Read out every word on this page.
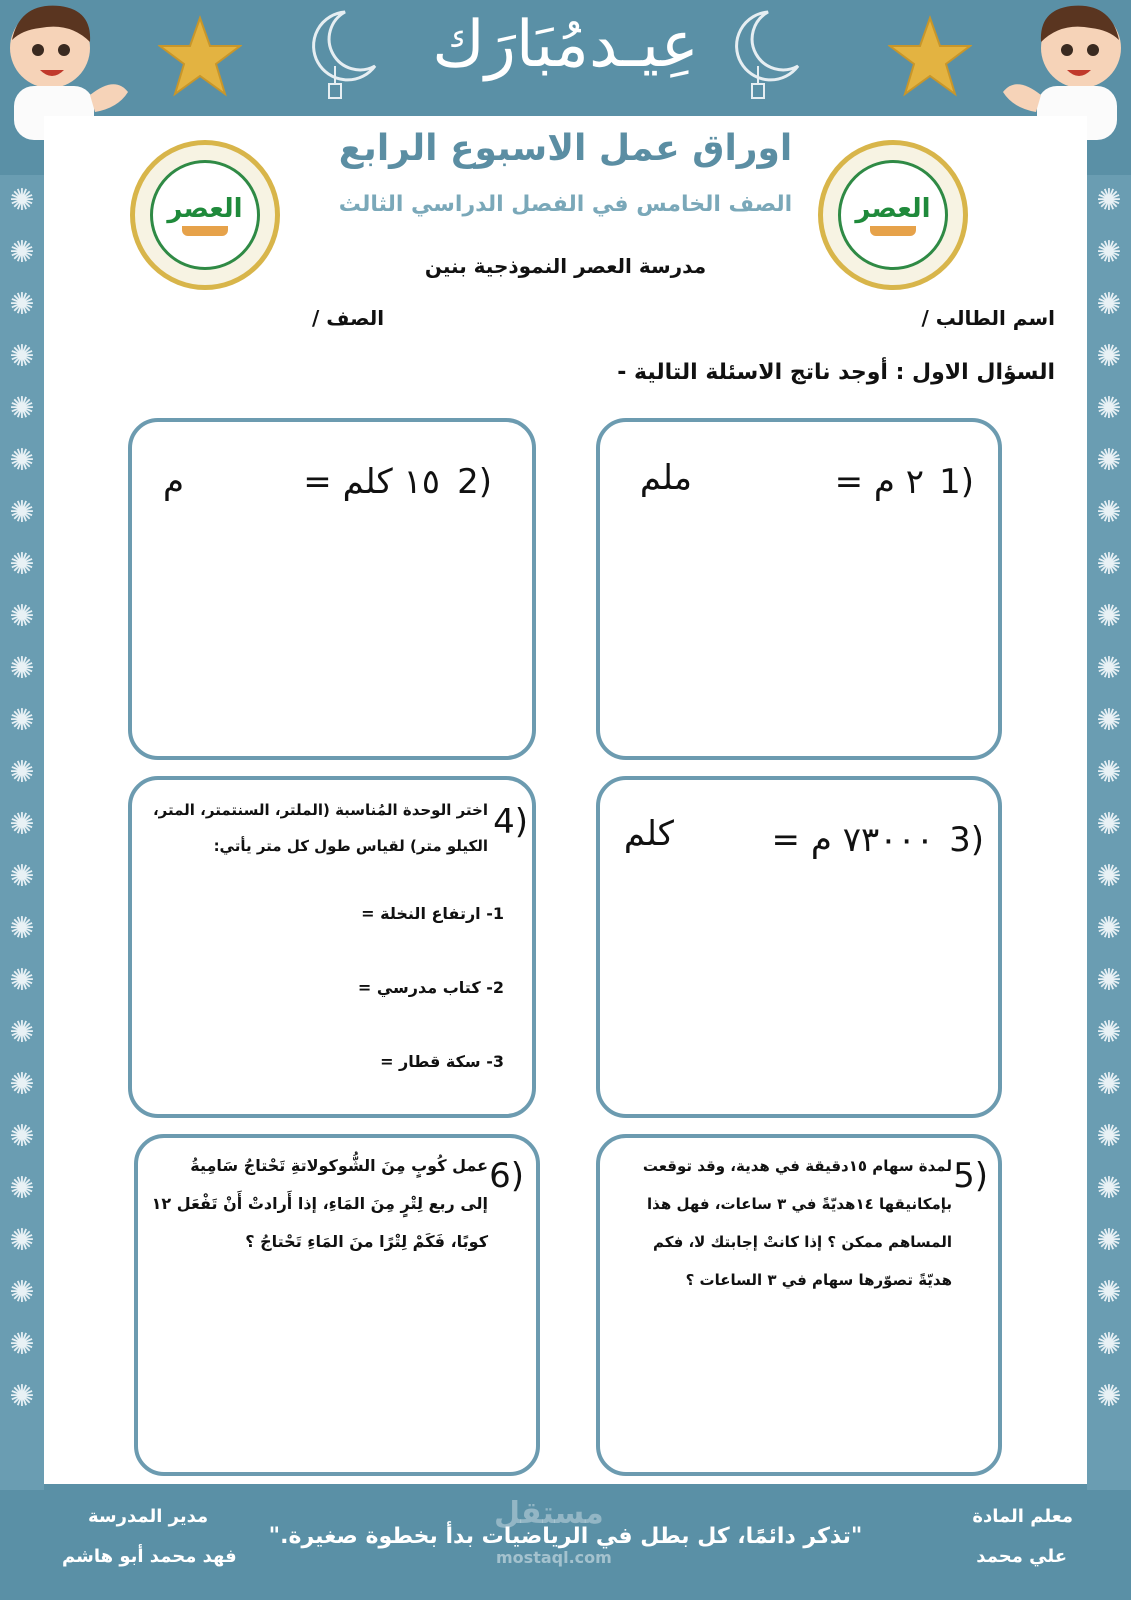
✺
✺
✺
✺
✺
✺
✺
✺
✺
✺
✺
✺
✺
✺
✺
✺
✺
✺
✺
✺
✺
✺
✺
✺
✺
✺
✺
✺
✺
✺
✺
✺
✺
✺
✺
✺
✺
✺
✺
✺
✺
✺
✺
✺
✺
✺
✺
✺
عِيـدمُبَارَك
العصر	العصر
اوراق عمل الاسبوع الرابع
الصف الخامس في الفصل الدراسي الثالث
مدرسة العصر النموذجية بنين
اسم الطالب /
الصف /
السؤال الاول : أوجد ناتج الاسئلة التالية -
1)
٢ م =
ملم
2)
١٥ كلم =
م
3)
٧٣٠٠٠ م =
كلم
4)
اختر الوحدة المُناسبة (الملتر، السنتمتر، المتر،
الكيلو متر) لقياس طول كل متر يأتي:
1- ارتفاع النخلة =
2- كتاب مدرسي =
3- سكة قطار =
5)
لمدة سهام ١٥دقيقة في هدية، وقد توقعت
بإمكانيقها ١٤هديّةً في ٣ ساعات، فهل هذا
المساهم ممكن ؟ إذا كانتْ إجابتك لا، فكم
هديّةً تصوّرها سهام في ٣ الساعات ؟
6)
عمل كُوبٍ مِنَ الشُّوكولاتةِ تَحْتاجُ سَامِيةُ
إلى ربع لِتْرٍ مِنَ المَاءِ، إذا أَرادتْ أَنْ تَفْعَل ١٢
كوبًا، فَكَمْ لِتْرًا منَ المَاءِ تَحْتاجُ ؟
معلم المادة
علي محمد
مدير المدرسة
فهد محمد أبو هاشم
"تذكر دائمًا، كل بطل في الرياضيات بدأ بخطوة صغيرة."
مستقل
mostaql.com
